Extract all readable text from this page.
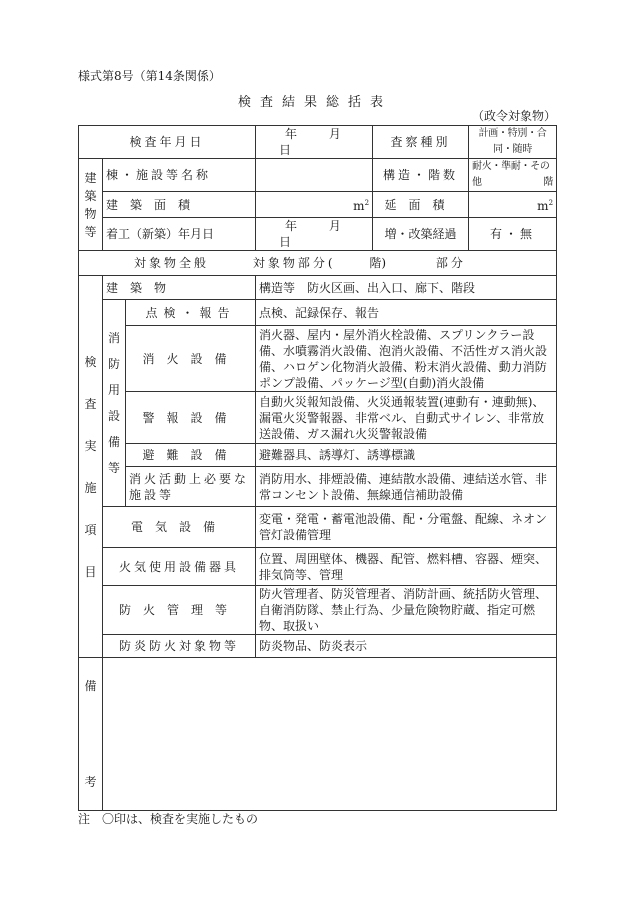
様式第8号（第14条関係）
検査結果総括表
（政令対象物）
検査年月日			年 月 日	査察種別	計画・特別・合同・随時

建築物等	棟・施設等名称			構造・階数	耐火・準耐・その他 階

	建築面積		$m^2$	延面積	$m^2$
	着工（新築）年月日		年 月 日	増・改築経過	有・無
対象物全般 対象物部分( 階) 部分					

検査実施項目	建築物		構造等　防火区画、出入口、廊下、階段		

	消防用設備等	点検・報告	点検、記録保存、報告		
		消火設備	消火器、屋内・屋外消火栓設備、スプリンクラー設備、水噴霧消火設備、泡消火設備、不活性ガス消火設備、ハロゲン化物消火設備、粉末消火設備、動力消防ポンプ設備、パッケージ型(自動)消火設備		
		警報設備	自動火災報知設備、火災通報装置(連動有・連動無)、漏電火災警報器、非常ベル、自動式サイレン、非常放送設備、ガス漏れ火災警報設備		
		避難設備	避難器具、誘導灯、誘導標識		
		消火活動上必要な施設等	消防用水、排煙設備、連結散水設備、連結送水管、非常コンセント設備、無線通信補助設備		
	電気設備		変電・発電・蓄電池設備、配・分電盤、配線、ネオン管灯設備管理		
	火気使用設備器具		位置、周囲壁体、機器、配管、燃料槽、容器、煙突、排気筒等、管理		
	防火管理等		防火管理者、防災管理者、消防計画、統括防火管理、自衛消防隊、禁止行為、少量危険物貯蔵、指定可燃物、取扱い		
	防炎防火対象物等		防炎物品、防炎表示		

備
考					

注　〇印は、検査を実施したもの
